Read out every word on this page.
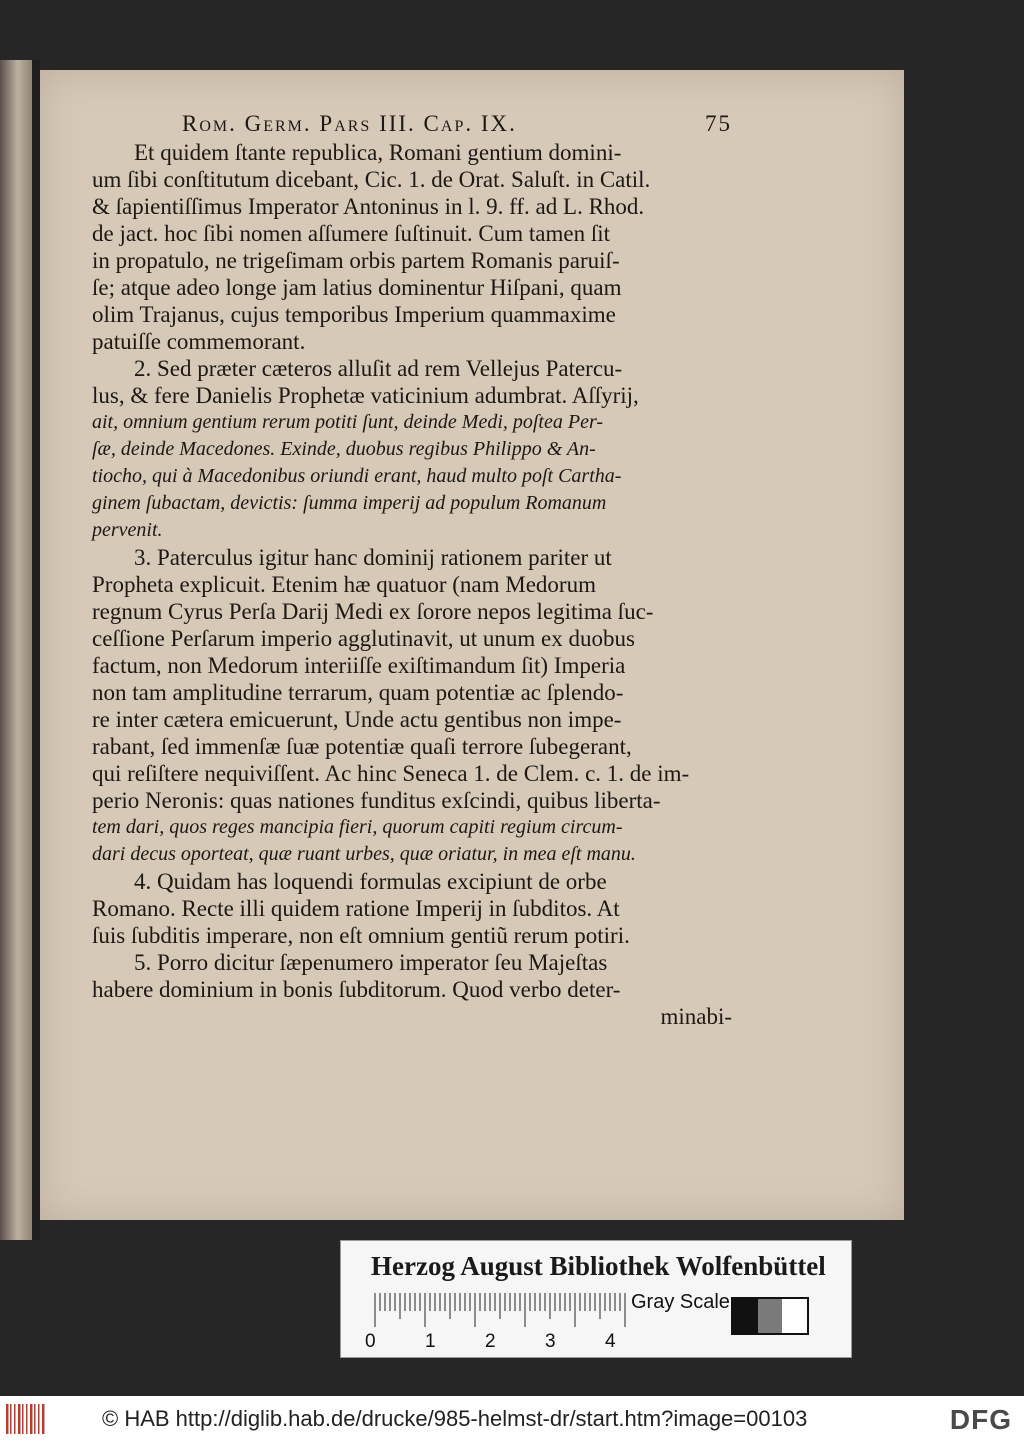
Rom. Germ. Pars III. Cap. IX.	75

Et quidem ſtante republica, Romani gentium domini-
um ſibi conſtitutum dicebant, Cic. 1. de Orat. Saluſt. in Catil.
& ſapientiſſimus Imperator Antoninus in l. 9. ff. ad L. Rhod.
de jact. hoc ſibi nomen aſſumere ſuſtinuit. Cum tamen ſit
in propatulo, ne trigeſimam orbis partem Romanis paruiſ-
ſe; atque adeo longe jam latius dominentur Hiſpani, quam
olim Trajanus, cujus temporibus Imperium quammaxime
patuiſſe commemorant.

2. Sed præter cæteros alluſit ad rem Vellejus Patercu-
lus, & fere Danielis Prophetæ vaticinium adumbrat. Aſſyrij,
ait, omnium gentium rerum potiti ſunt, deinde Medi, poſtea Per-
ſæ, deinde Macedones. Exinde, duobus regibus Philippo & An-
tiocho, qui à Macedonibus oriundi erant, haud multo poſt Cartha-
ginem ſubactam, devictis: ſumma imperij ad populum Romanum
pervenit.

3. Paterculus igitur hanc dominij rationem pariter ut
Propheta explicuit. Etenim hæ quatuor (nam Medorum
regnum Cyrus Perſa Darij Medi ex ſorore nepos legitima ſuc-
ceſſione Perſarum imperio agglutinavit, ut unum ex duobus
factum, non Medorum interiiſſe exiſtimandum ſit) Imperia
non tam amplitudine terrarum, quam potentiæ ac ſplendo-
re inter cætera emicuerunt, Unde actu gentibus non impe-
rabant, ſed immenſæ ſuæ potentiæ quaſi terrore ſubegerant,
qui reſiſtere nequiviſſent. Ac hinc Seneca 1. de Clem. c. 1. de im-
perio Neronis: quas nationes funditus exſcindi, quibus liberta-
tem dari, quos reges mancipia fieri, quorum capiti regium circum-
dari decus oporteat, quæ ruant urbes, quæ oriatur, in mea eſt manu.

4. Quidam has loquendi formulas excipiunt de orbe
Romano. Recte illi quidem ratione Imperij in ſubditos. At
ſuis ſubditis imperare, non eſt omnium gentiũ rerum potiri.

5. Porro dicitur ſæpenumero imperator ſeu Majeſtas
habere dominium in bonis ſubditorum. Quod verbo deter-

minabi-
Herzog August Bibliothek Wolfenbüttel
0	1	2	3	4
Gray Scale
© HAB http://diglib.hab.de/drucke/985-helmst-dr/start.htm?image=00103	DFG
